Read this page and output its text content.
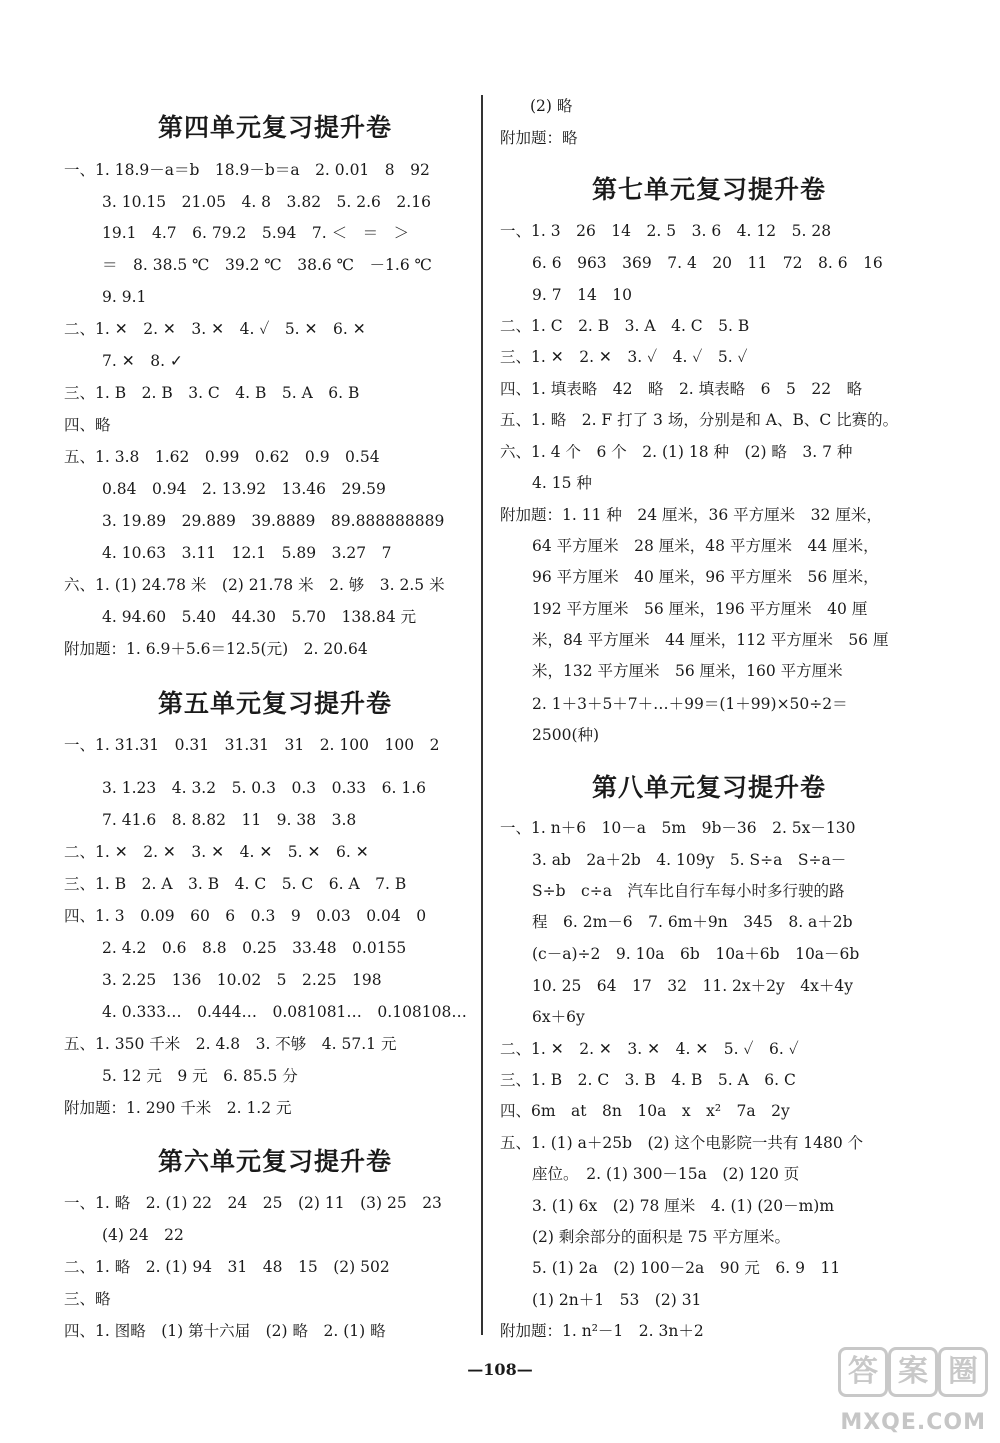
第四单元复习提升卷
一、1. 18.9－a＝b　18.9－b＝a　2. 0.01　8　92
3. 10.15　21.05　4. 8　3.82　5. 2.6　2.16
19.1　4.7　6. 79.2　5.94　7. ＜　＝　＞
＝　8. 38.5 ℃　39.2 ℃　38.6 ℃　－1.6 ℃
9. 9.1
二、1. ✕　2. ✕　3. ✕　4. ✓　5. ✕　6. ✕
7. ✕　8. ✓
三、1. B　2. B　3. C　4. B　5. A　6. B
四、略
五、1. 3.8　1.62　0.99　0.62　0.9　0.54
0.84　0.94　2. 13.92　13.46　29.59
3. 19.89　29.889　39.8889　89.888888889
4. 10.63　3.11　12.1　5.89　3.27　7
六、1. (1) 24.78 米　(2) 21.78 米　2. 够　3. 2.5 米
4. 94.60　5.40　44.30　5.70　138.84 元
附加题：1. 6.9＋5.6＝12.5(元)　2. 20.64
第五单元复习提升卷
一、1. 31.31　0.31　31.31　31　2. 100　100　2
3. 1.23　4. 3.2　5. 0.3　0.3　0.33　6. 1.6
7. 41.6　8. 8.82　11　9. 38　3.8
二、1. ✕　2. ✕　3. ✕　4. ✕　5. ✕　6. ✕
三、1. B　2. A　3. B　4. C　5. C　6. A　7. B
四、1. 3　0.09　60　6　0.3　9　0.03　0.04　0
2. 4.2　0.6　8.8　0.25　33.48　0.0155
3. 2.25　136　10.02　5　2.25　198
4. 0.333…　0.444…　0.081081…　0.108108…
五、1. 350 千米　2. 4.8　3. 不够　4. 57.1 元
5. 12 元　9 元　6. 85.5 分
附加题：1. 290 千米　2. 1.2 元
第六单元复习提升卷
一、1. 略　2. (1) 22　24　25　(2) 11　(3) 25　23
(4) 24　22
二、1. 略　2. (1) 94　31　48　15　(2) 502
三、略
四、1. 图略　(1) 第十六届　(2) 略　2. (1) 略
(2) 略
附加题：略
第七单元复习提升卷
一、1. 3　26　14　2. 5　3. 6　4. 12　5. 28
6. 6　963　369　7. 4　20　11　72　8. 6　16
9. 7　14　10
二、1. C　2. B　3. A　4. C　5. B
三、1. ✕　2. ✕　3. ✓　4. ✓　5. ✓
四、1. 填表略　42　略　2. 填表略　6　5　22　略
五、1. 略　2. F 打了 3 场，分别是和 A、B、C 比赛的。
六、1. 4 个　6 个　2. (1) 18 种　(2) 略　3. 7 种
4. 15 种
附加题：1. 11 种　24 厘米，36 平方厘米　32 厘米，
64 平方厘米　28 厘米，48 平方厘米　44 厘米，
96 平方厘米　40 厘米，96 平方厘米　56 厘米，
192 平方厘米　56 厘米，196 平方厘米　40 厘
米，84 平方厘米　44 厘米，112 平方厘米　56 厘
米，132 平方厘米　56 厘米，160 平方厘米
2. 1＋3＋5＋7＋…＋99＝(1＋99)×50÷2＝
2500(种)
第八单元复习提升卷
一、1. n＋6　10－a　5m　9b－36　2. 5x－130
3. ab　2a＋2b　4. 109y　5. S÷a　S÷a－
S÷b　c÷a　汽车比自行车每小时多行驶的路
程　6. 2m－6　7. 6m＋9n　345　8. a＋2b
(c－a)÷2　9. 10a　6b　10a＋6b　10a－6b
10. 25　64　17　32　11. 2x＋2y　4x＋4y
6x＋6y
二、1. ✕　2. ✕　3. ✕　4. ✕　5. ✓　6. ✓
三、1. B　2. C　3. B　4. B　5. A　6. C
四、6m　at　8n　10a　x　x²　7a　2y
五、1. (1) a＋25b　(2) 这个电影院一共有 1480 个
座位。　2. (1) 300－15a　(2) 120 页
3. (1) 6x　(2) 78 厘米　4. (1) (20－m)m
(2) 剩余部分的面积是 75 平方厘米。
5. (1) 2a　(2) 100－2a　90 元　6. 9　11
(1) 2n＋1　53　(2) 31
附加题：1. n²－1　2. 3n＋2
—108—	答 案 圈
MXQE.COM
